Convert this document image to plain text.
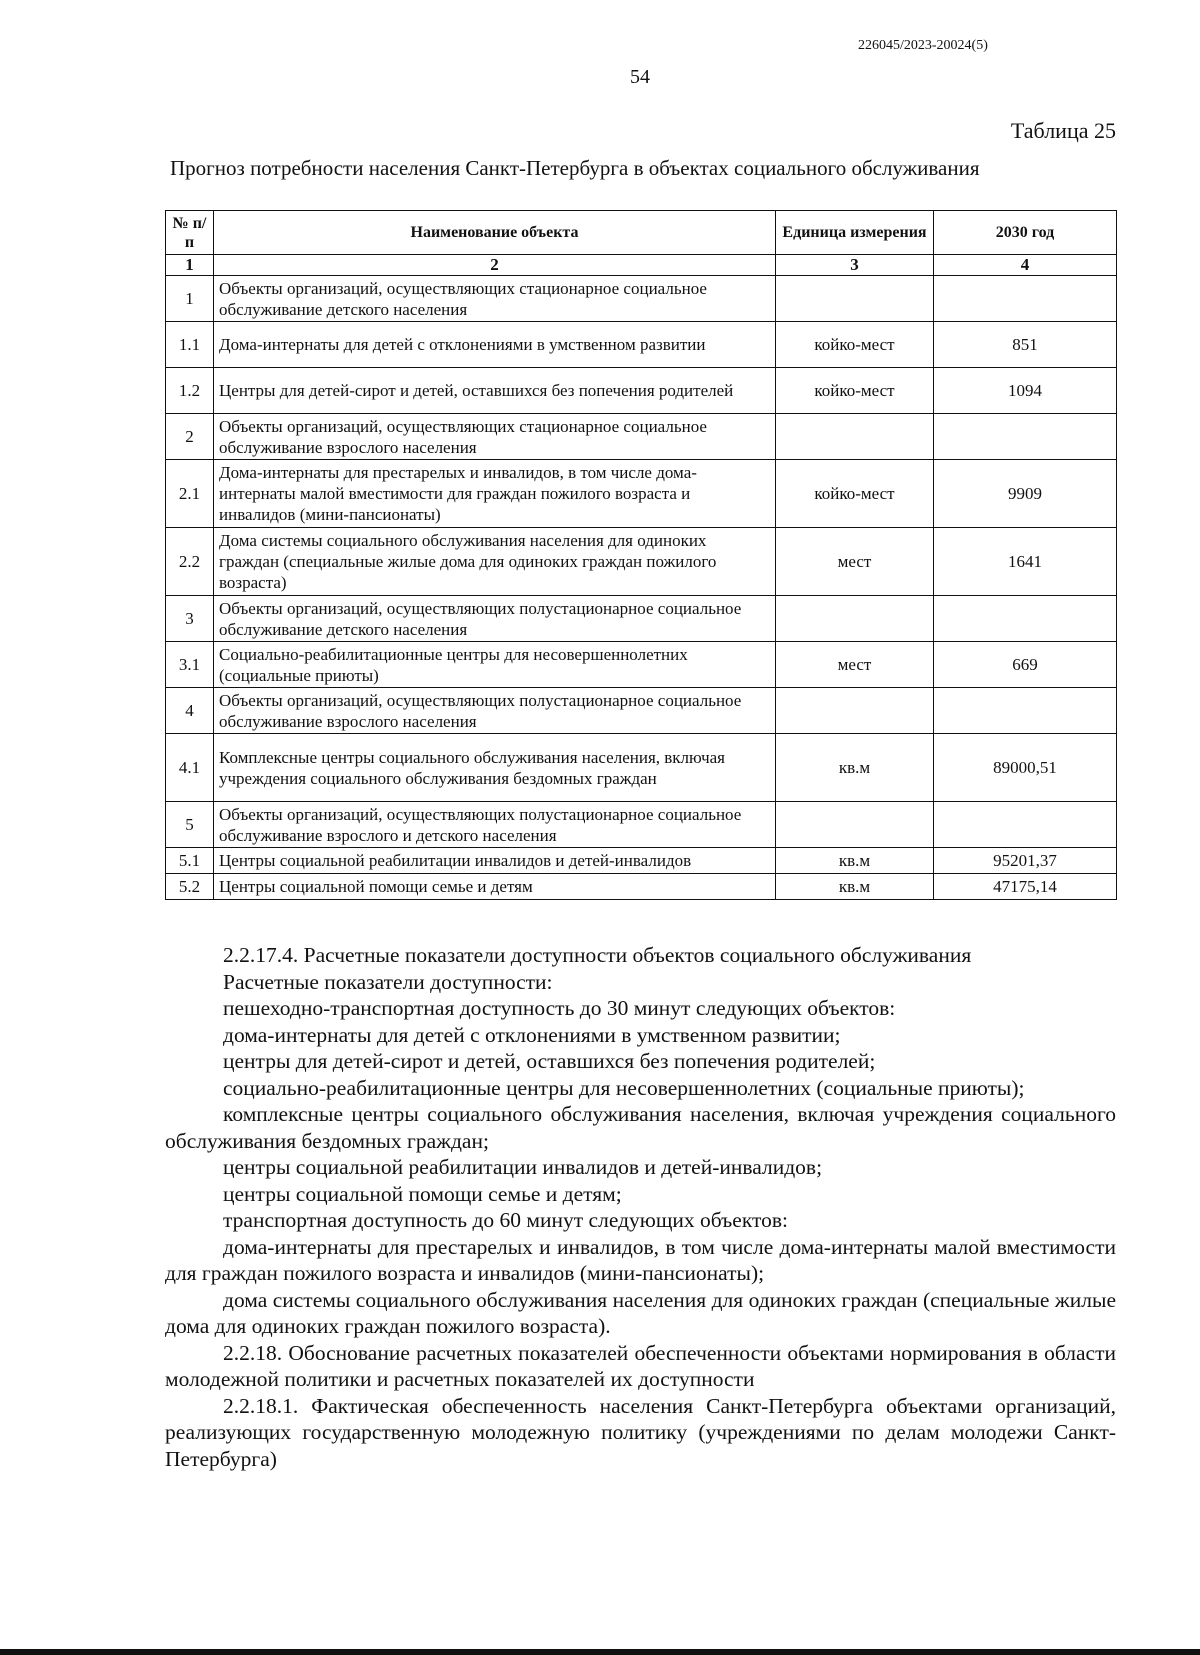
226045/2023-20024(5)
54
Таблица 25
Прогноз потребности населения Санкт-Петербурга в объектах социального обслуживания
№ п/п	Наименование объекта	Единица измерения	2030 год
1	2	3	4
1	Объекты организаций, осуществляющих стационарное социальное обслуживание детского населения		
1.1	Дома-интернаты для детей с отклонениями в умственном развитии	койко-мест	851
1.2	Центры для детей-сирот и детей, оставшихся без попечения родителей	койко-мест	1094
2	Объекты организаций, осуществляющих стационарное социальное обслуживание взрослого населения		
2.1	Дома-интернаты для престарелых и инвалидов, в том числе дома-интернаты малой вместимости для граждан пожилого возраста и инвалидов (мини-пансионаты)	койко-мест	9909
2.2	Дома системы социального обслуживания населения для одиноких граждан (специальные жилые дома для одиноких граждан пожилого возраста)	мест	1641
3	Объекты организаций, осуществляющих полустационарное социальное обслуживание детского населения		
3.1	Социально-реабилитационные центры для несовершеннолетних (социальные приюты)	мест	669
4	Объекты организаций, осуществляющих полустационарное социальное обслуживание взрослого населения		
4.1	Комплексные центры социального обслуживания населения, включая учреждения социального обслуживания бездомных граждан	кв.м	89000,51
5	Объекты организаций, осуществляющих полустационарное социальное обслуживание взрослого и детского населения		
5.1	Центры социальной реабилитации инвалидов и детей-инвалидов	кв.м	95201,37
5.2	Центры социальной помощи семье и детям	кв.м	47175,14

2.2.17.4. Расчетные показатели доступности объектов социального обслуживания

Расчетные показатели доступности:

пешеходно-транспортная доступность до 30 минут следующих объектов:

дома-интернаты для детей с отклонениями в умственном развитии;

центры для детей-сирот и детей, оставшихся без попечения родителей;

социально-реабилитационные центры для несовершеннолетних (социальные приюты);

комплексные центры социального обслуживания населения, включая учреждения социального обслуживания бездомных граждан;

центры социальной реабилитации инвалидов и детей-инвалидов;

центры социальной помощи семье и детям;

транспортная доступность до 60 минут следующих объектов:

дома-интернаты для престарелых и инвалидов, в том числе дома-интернаты малой вместимости для граждан пожилого возраста и инвалидов (мини-пансионаты);

дома системы социального обслуживания населения для одиноких граждан (специальные жилые дома для одиноких граждан пожилого возраста).

2.2.18. Обоснование расчетных показателей обеспеченности объектами нормирования в области молодежной политики и расчетных показателей их доступности

2.2.18.1. Фактическая обеспеченность населения Санкт-Петербурга объектами организаций, реализующих государственную молодежную политику (учреждениями по делам молодежи Санкт-Петербурга)
